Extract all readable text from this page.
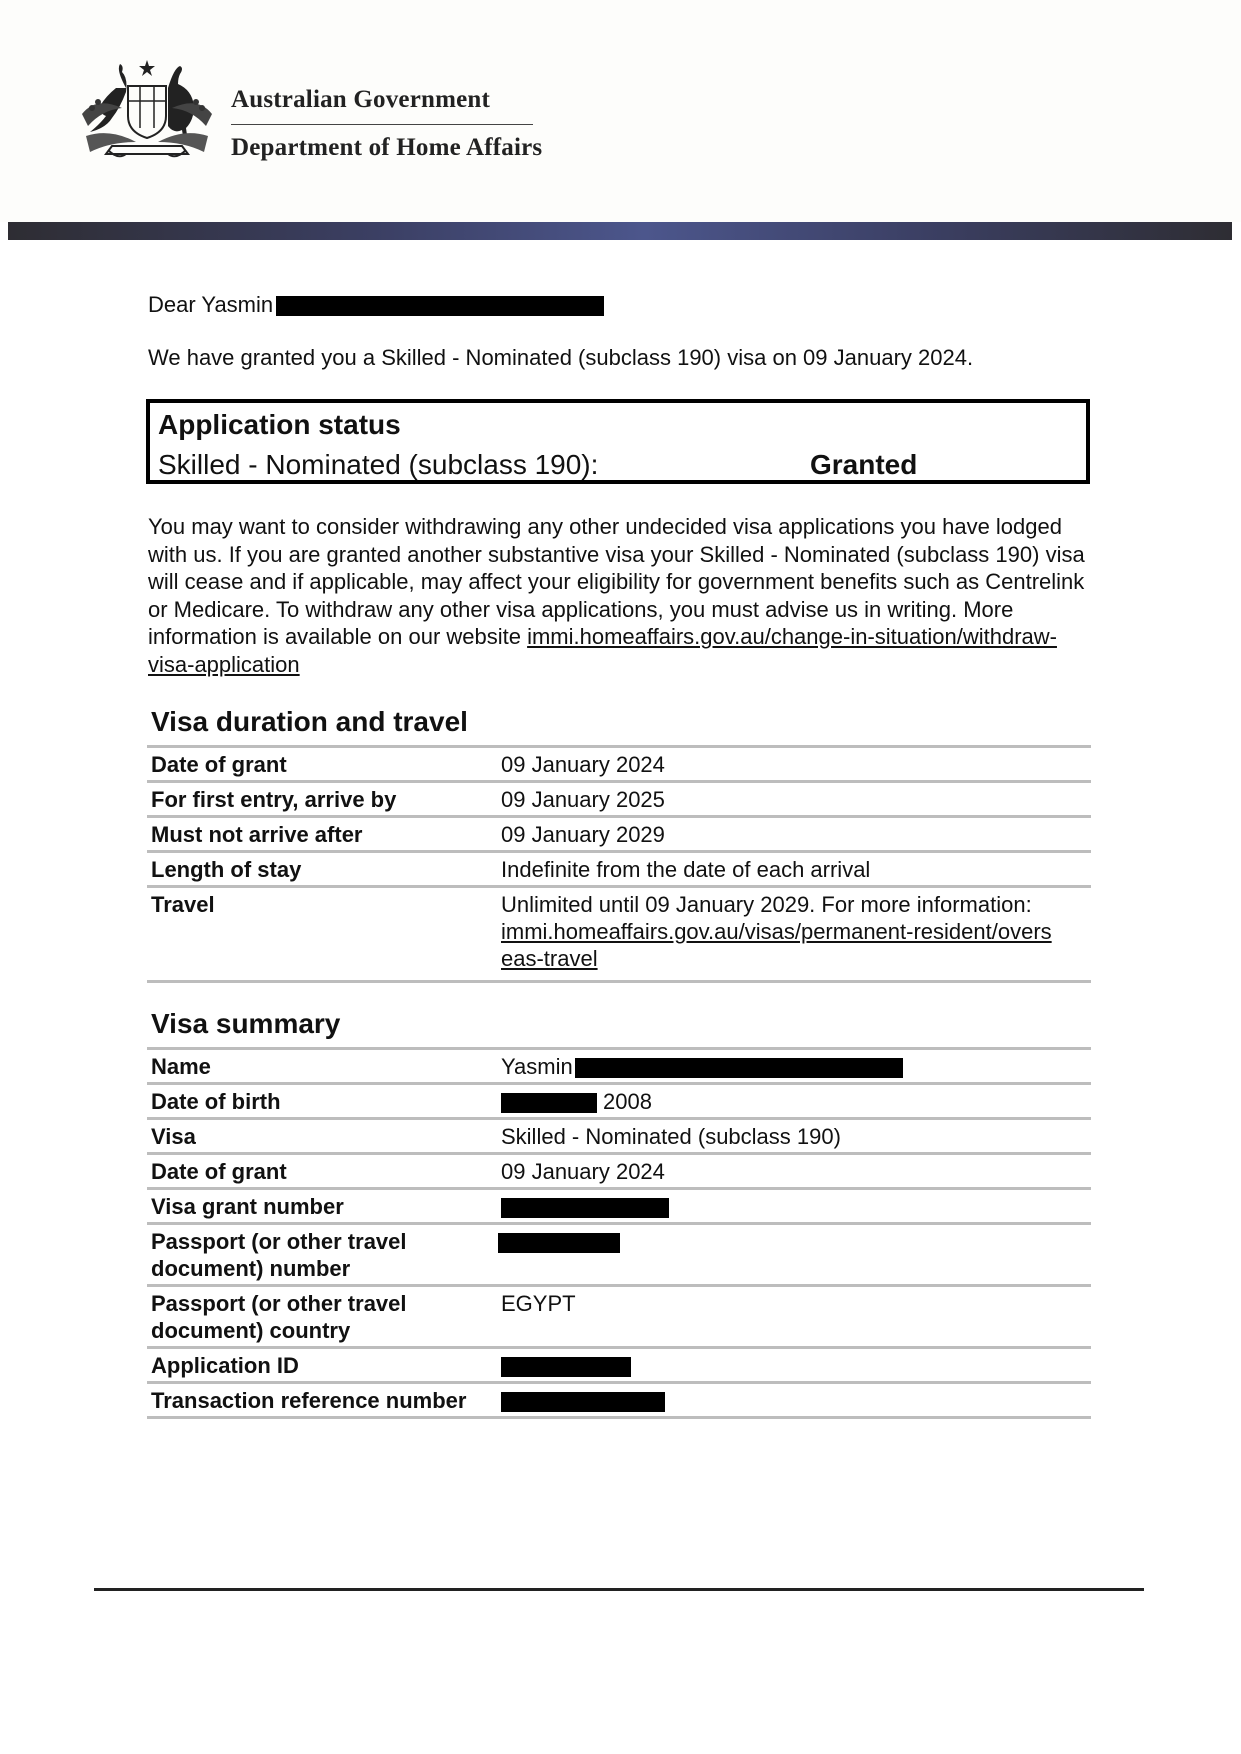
Australian Government
Department of Home Affairs
Dear Yasmin
We have granted you a Skilled - Nominated (subclass 190) visa on 09 January 2024.
Application status
Skilled - Nominated (subclass 190):	Granted
You may want to consider withdrawing any other undecided visa applications you have lodged with us. If you are granted another substantive visa your Skilled - Nominated (subclass 190) visa will cease and if applicable, may affect your eligibility for government benefits such as Centrelink or Medicare. To withdraw any other visa applications, you must advise us in writing. More information is available on our website immi.homeaffairs.gov.au/change-in-situation/withdraw-visa-application
Visa duration and travel
Date of grant	09 January 2024
For first entry, arrive by	09 January 2025
Must not arrive after	09 January 2029
Length of stay	Indefinite from the date of each arrival
Travel	Unlimited until 09 January 2029. For more information:
immi.homeaffairs.gov.au/visas/permanent-resident/overseas-travel
Visa summary
Name	Yasmin
Date of birth	2008
Visa	Skilled - Nominated (subclass 190)
Date of grant	09 January 2024
Visa grant number	
Passport (or other travel document) number	
Passport (or other travel document) country	EGYPT
Application ID	
Transaction reference number	
